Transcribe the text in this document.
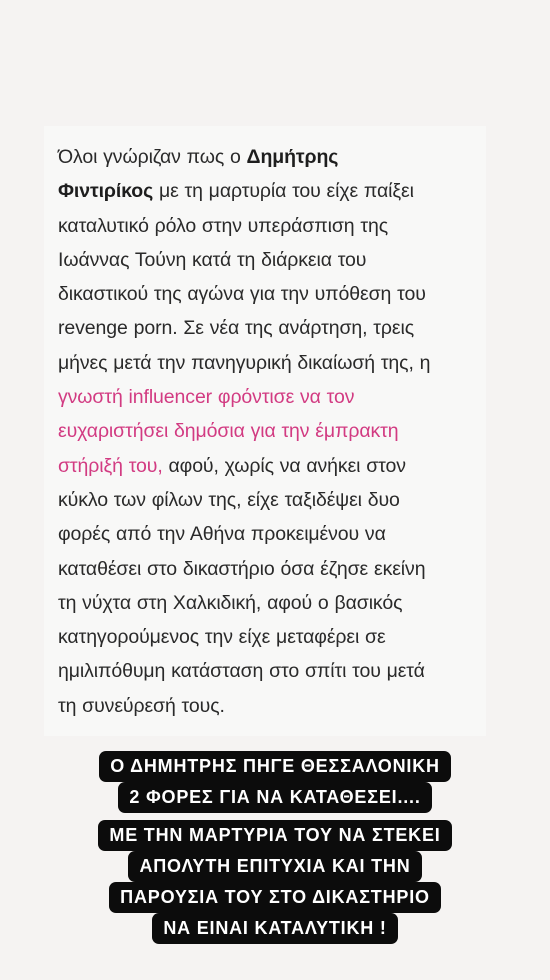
Όλοι γνώριζαν πως ο Δημήτρης
Φιντιρίκος με τη μαρτυρία του είχε παίξει
καταλυτικό ρόλο στην υπεράσπιση της
Ιωάννας Τούνη κατά τη διάρκεια του
δικαστικού της αγώνα για την υπόθεση του
revenge porn. Σε νέα της ανάρτηση, τρεις
μήνες μετά την πανηγυρική δικαίωσή της, η
γνωστή influencer φρόντισε να τον
ευχαριστήσει δημόσια για την έμπρακτη
στήριξή του, αφού, χωρίς να ανήκει στον
κύκλο των φίλων της, είχε ταξιδέψει δυο
φορές από την Αθήνα προκειμένου να
καταθέσει στο δικαστήριο όσα έζησε εκείνη
τη νύχτα στη Χαλκιδική, αφού ο βασικός
κατηγορούμενος την είχε μεταφέρει σε
ημιλιπόθυμη κατάσταση στο σπίτι του μετά
τη συνεύρεσή τους.

Ο ΔΗΜΗΤΡΗΣ ΠΗΓΕ ΘΕΣΣΑΛΟΝΙΚΗ
2 ΦΟΡΕΣ ΓΙΑ ΝΑ ΚΑΤΑΘΕΣΕΙ....
ΜΕ ΤΗΝ ΜΑΡΤΥΡΙΑ ΤΟΥ ΝΑ ΣΤΕΚΕΙ
ΑΠΟΛΥΤΗ ΕΠΙΤΥΧΙΑ ΚΑΙ ΤΗΝ
ΠΑΡΟΥΣΙΑ ΤΟΥ ΣΤΟ ΔΙΚΑΣΤΗΡΙΟ
ΝΑ ΕΙΝΑΙ ΚΑΤΑΛΥΤΙΚΗ !
